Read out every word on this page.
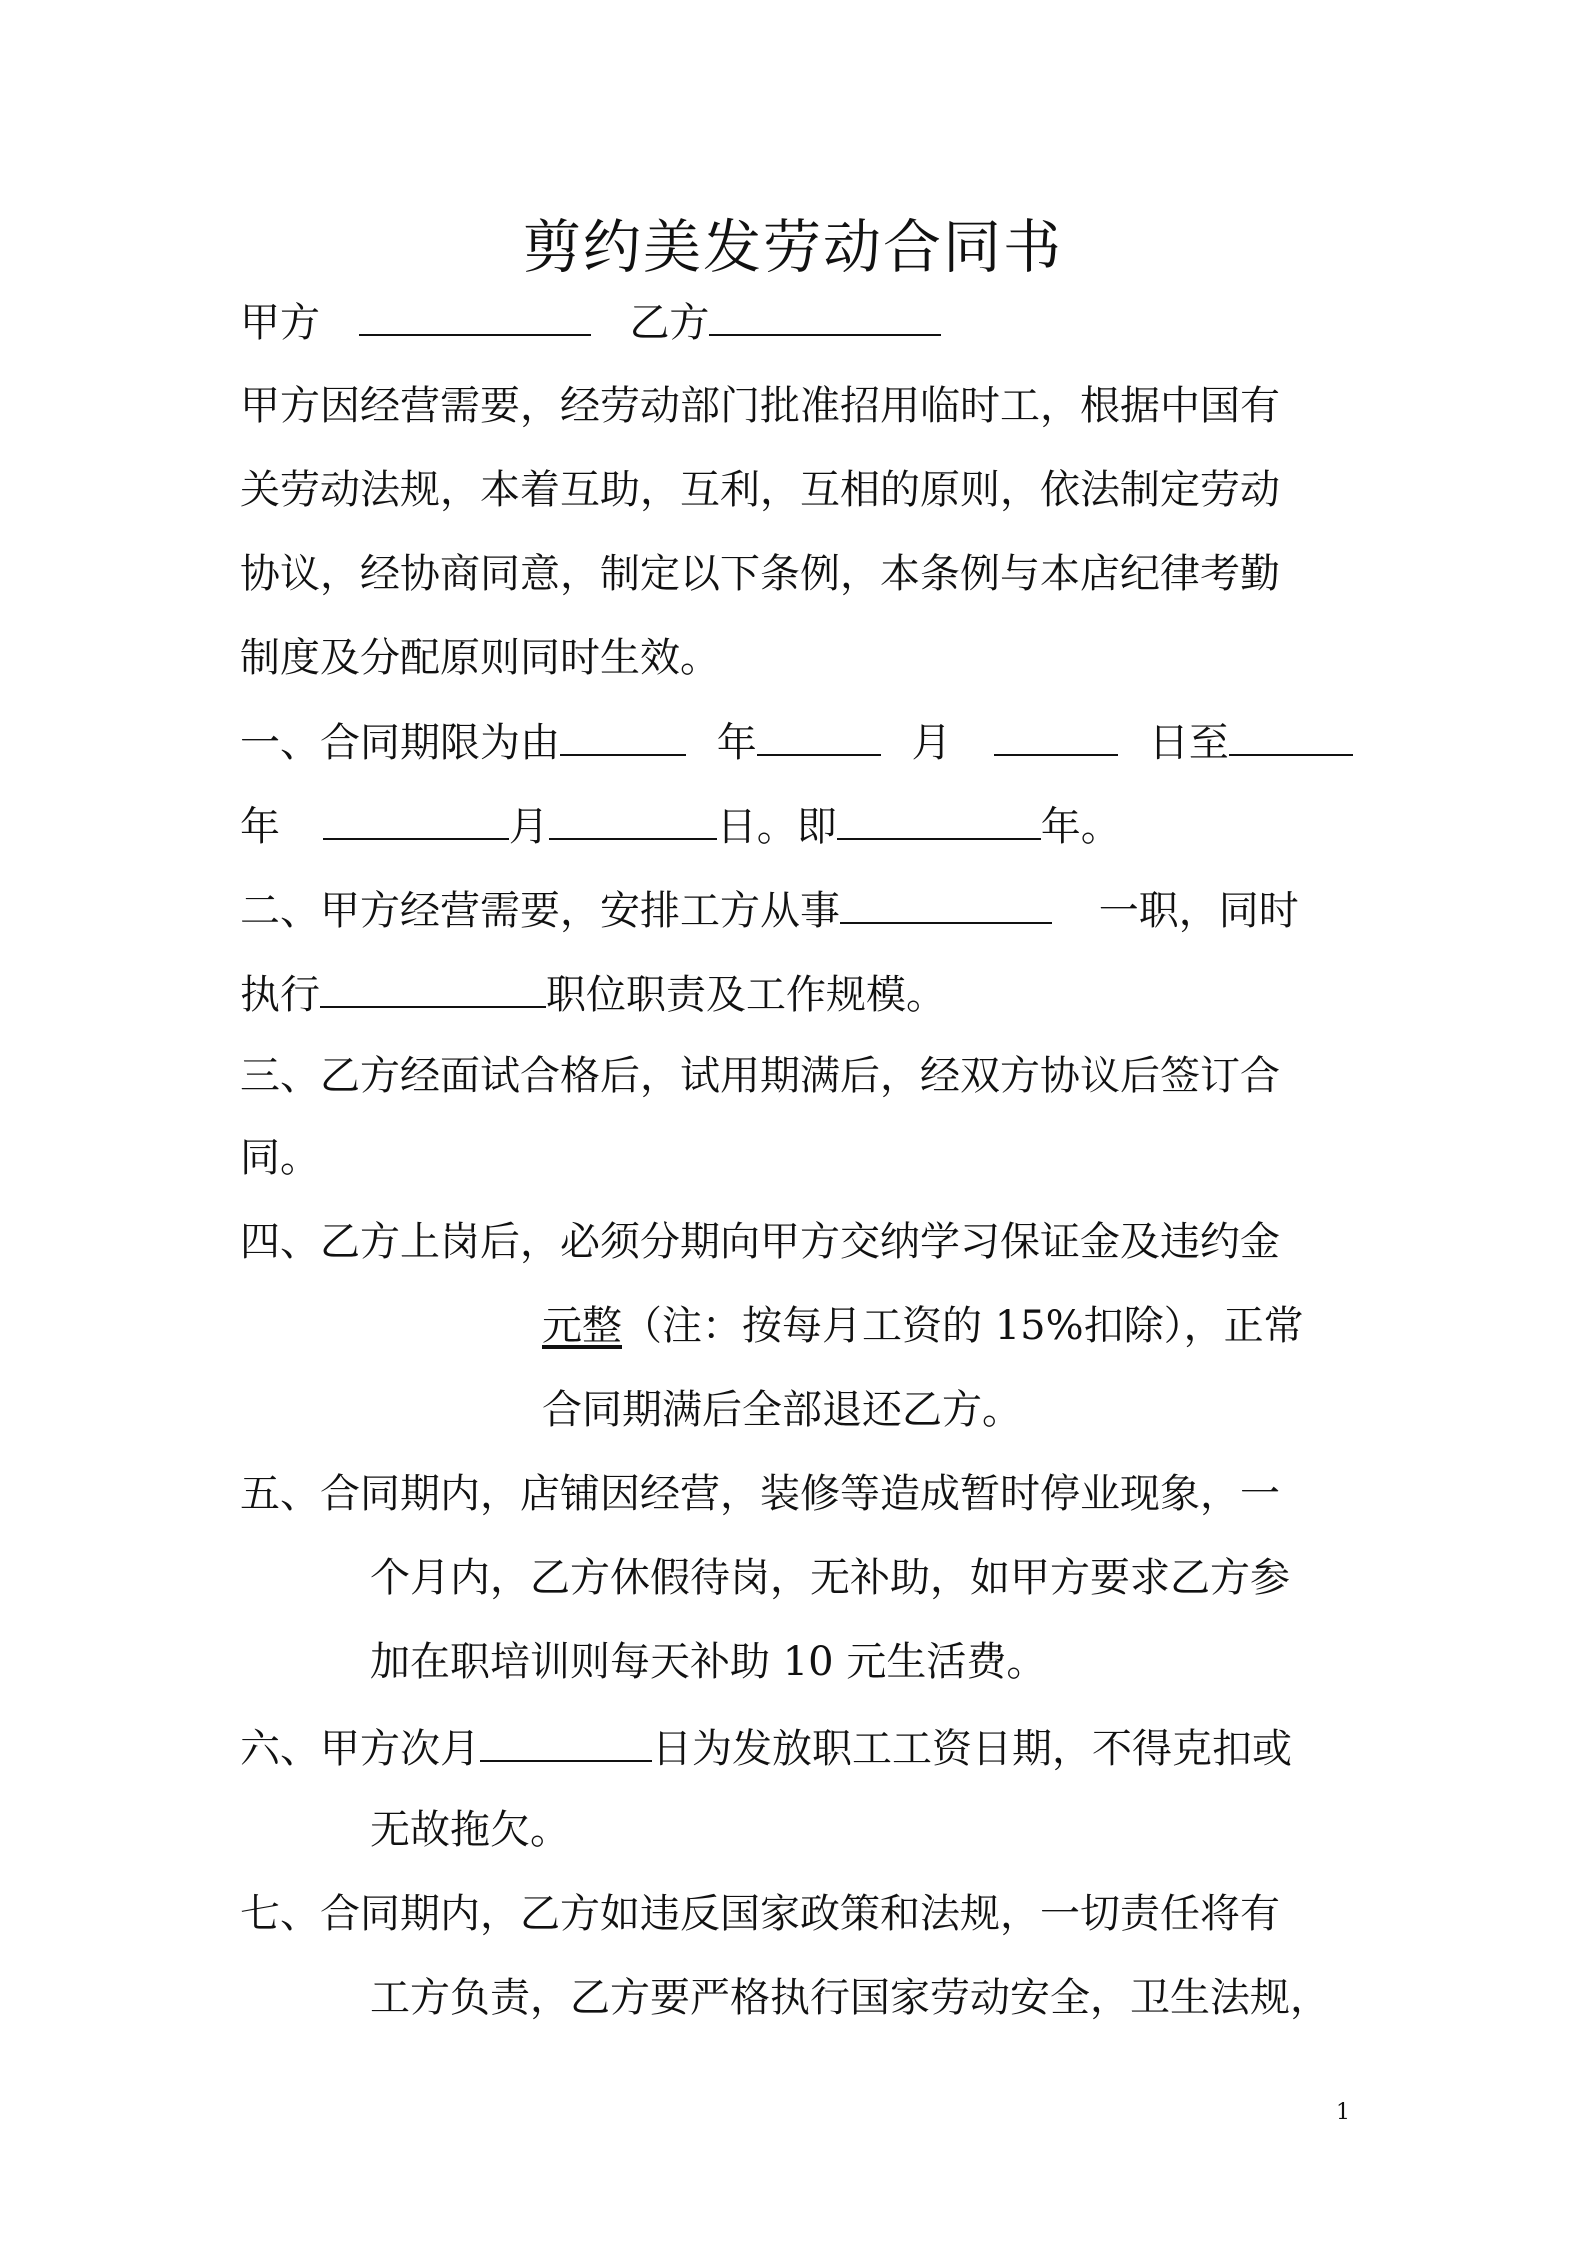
剪约美发劳动合同书
甲方	乙方
甲方因经营需要，经劳动部门批准招用临时工，根据中国有
关劳动法规，本着互助，互利，互相的原则，依法制定劳动
协议，经协商同意，制定以下条例，本条例与本店纪律考勤
制度及分配原则同时生效。
一、合同期限为由	年	月	日至
年	月	日。即	年。
二、甲方经营需要，安排工方从事	一职，同时
执行	职位职责及工作规模。
三、乙方经面试合格后，试用期满后，经双方协议后签订合
同。
四、乙方上岗后，必须分期向甲方交纳学习保证金及违约金
元整（注：按每月工资的 15%扣除），正常
合同期满后全部退还乙方。
五、合同期内，店铺因经营，装修等造成暂时停业现象，一
个月内，乙方休假待岗，无补助，如甲方要求乙方参
加在职培训则每天补助 10 元生活费。
六、甲方次月	日为发放职工工资日期，不得克扣或
无故拖欠。
七、合同期内，乙方如违反国家政策和法规，一切责任将有
工方负责，乙方要严格执行国家劳动安全，卫生法规，
1
